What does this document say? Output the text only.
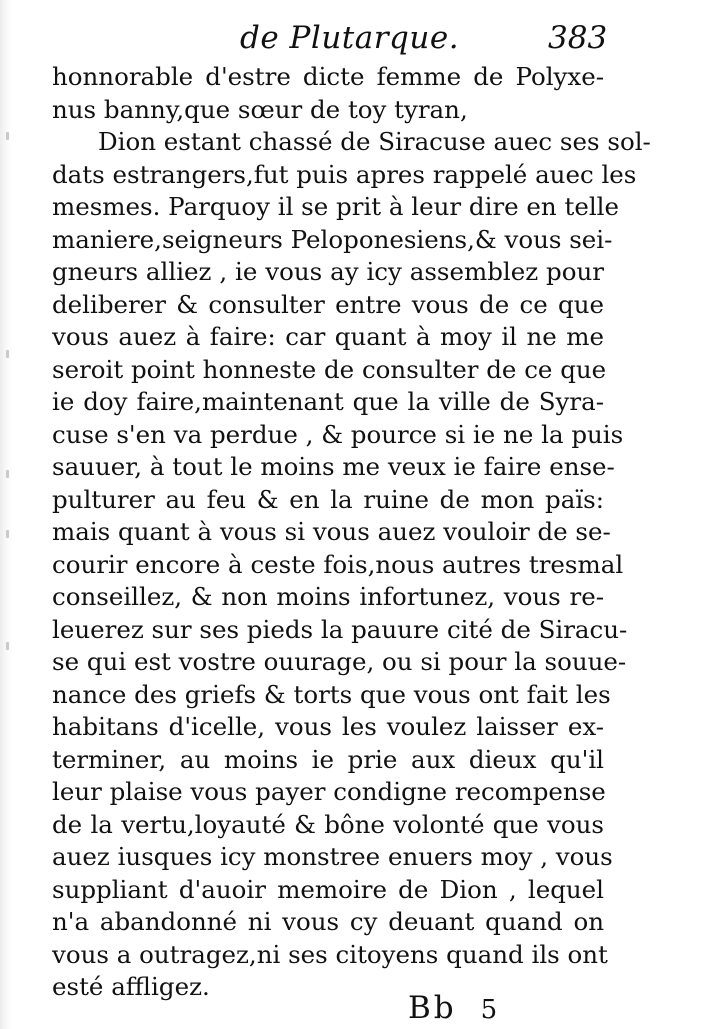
de Plutarque.	383
honnorable d'estre dicte femme de Polyxe-
nus banny,que sœur de toy tyran,
Dion estant chassé de Siracuse auec ses sol-
dats estrangers,fut puis apres rappelé auec les
mesmes. Parquoy il se prit à leur dire en telle
maniere,seigneurs Peloponesiens,& vous sei-
gneurs alliez , ie vous ay icy assemblez pour
deliberer & consulter entre vous de ce que
vous auez à faire: car quant à moy il ne me
seroit point honneste de consulter de ce que
ie doy faire,maintenant que la ville de Syra-
cuse s'en va perdue , & pource si ie ne la puis
sauuer, à tout le moins me veux ie faire ense-
pulturer au feu & en la ruine de mon païs:
mais quant à vous si vous auez vouloir de se-
courir encore à ceste fois,nous autres tresmal
conseillez, & non moins infortunez, vous re-
leuerez sur ses pieds la pauure cité de Siracu-
se qui est vostre ouurage, ou si pour la souue-
nance des griefs & torts que vous ont fait les
habitans d'icelle, vous les voulez laisser ex-
terminer, au moins ie prie aux dieux qu'il
leur plaise vous payer condigne recompense
de la vertu,loyauté & bône volonté que vous
auez iusques icy monstree enuers moy , vous
suppliant d'auoir memoire de Dion , lequel
n'a abandonné ni vous cy deuant quand on
vous a outragez,ni ses citoyens quand ils ont
esté affligez.
Bb 5
